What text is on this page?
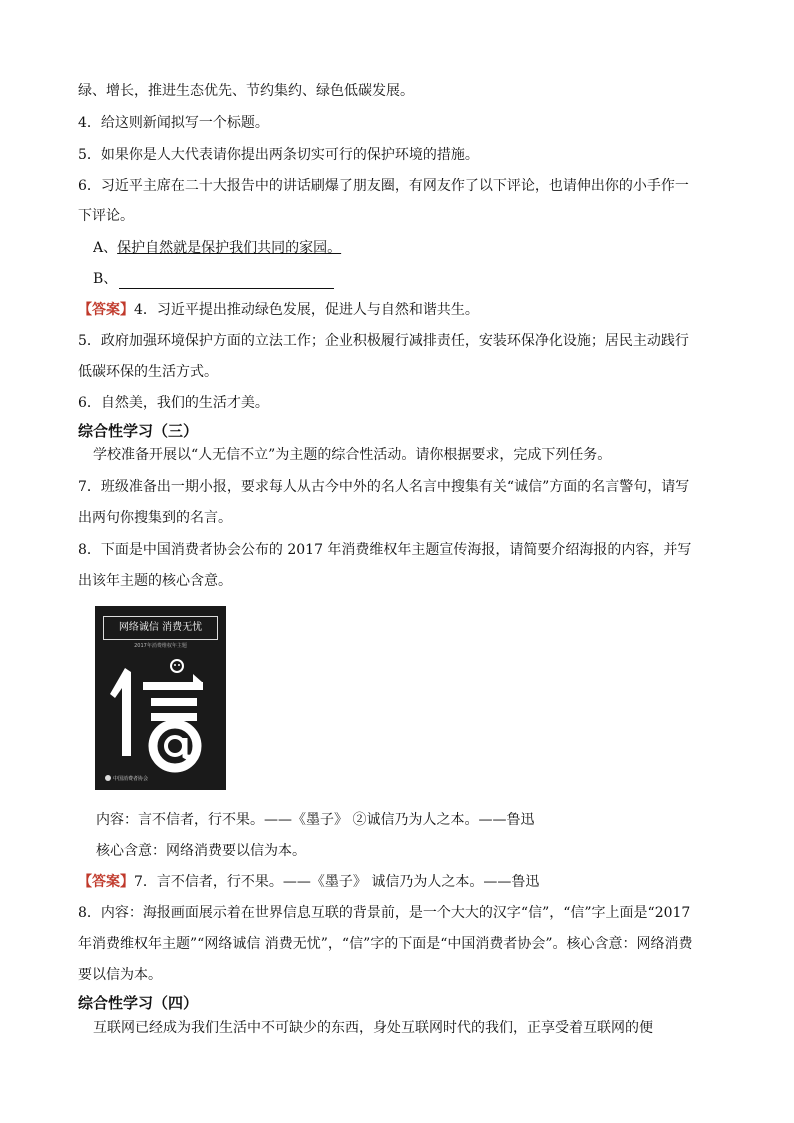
绿、增长，推进生态优先、节约集约、绿色低碳发展。
4．给这则新闻拟写一个标题。
5．如果你是人大代表请你提出两条切实可行的保护环境的措施。
6．习近平主席在二十大报告中的讲话刷爆了朋友圈，有网友作了以下评论，也请伸出你的小手作一
下评论。
A、保护自然就是保护我们共同的家园。
B、
【答案】4．习近平提出推动绿色发展，促进人与自然和谐共生。
5．政府加强环境保护方面的立法工作；企业积极履行减排责任，安装环保净化设施；居民主动践行
低碳环保的生活方式。
6．自然美，我们的生活才美。
综合性学习（三）
学校准备开展以“人无信不立”为主题的综合性活动。请你根据要求，完成下列任务。
7．班级准备出一期小报，要求每人从古今中外的名人名言中搜集有关“诚信”方面的名言警句，请写
出两句你搜集到的名言。
8．下面是中国消费者协会公布的 2017 年消费维权年主题宣传海报，请简要介绍海报的内容，并写
出该年主题的核心含意。
网络诚信 消费无忧
2017年消费维权年主题
中国消费者协会
内容：言不信者，行不果。——《墨子》 ②诚信乃为人之本。——鲁迅
核心含意：网络消费要以信为本。
【答案】7．言不信者，行不果。——《墨子》 诚信乃为人之本。——鲁迅
8．内容：海报画面展示着在世界信息互联的背景前，是一个大大的汉字“信”，“信”字上面是“2017
年消费维权年主题”“网络诚信 消费无忧”，“信”字的下面是“中国消费者协会”。核心含意：网络消费
要以信为本。
综合性学习（四）
互联网已经成为我们生活中不可缺少的东西，身处互联网时代的我们，正享受着互联网的便
